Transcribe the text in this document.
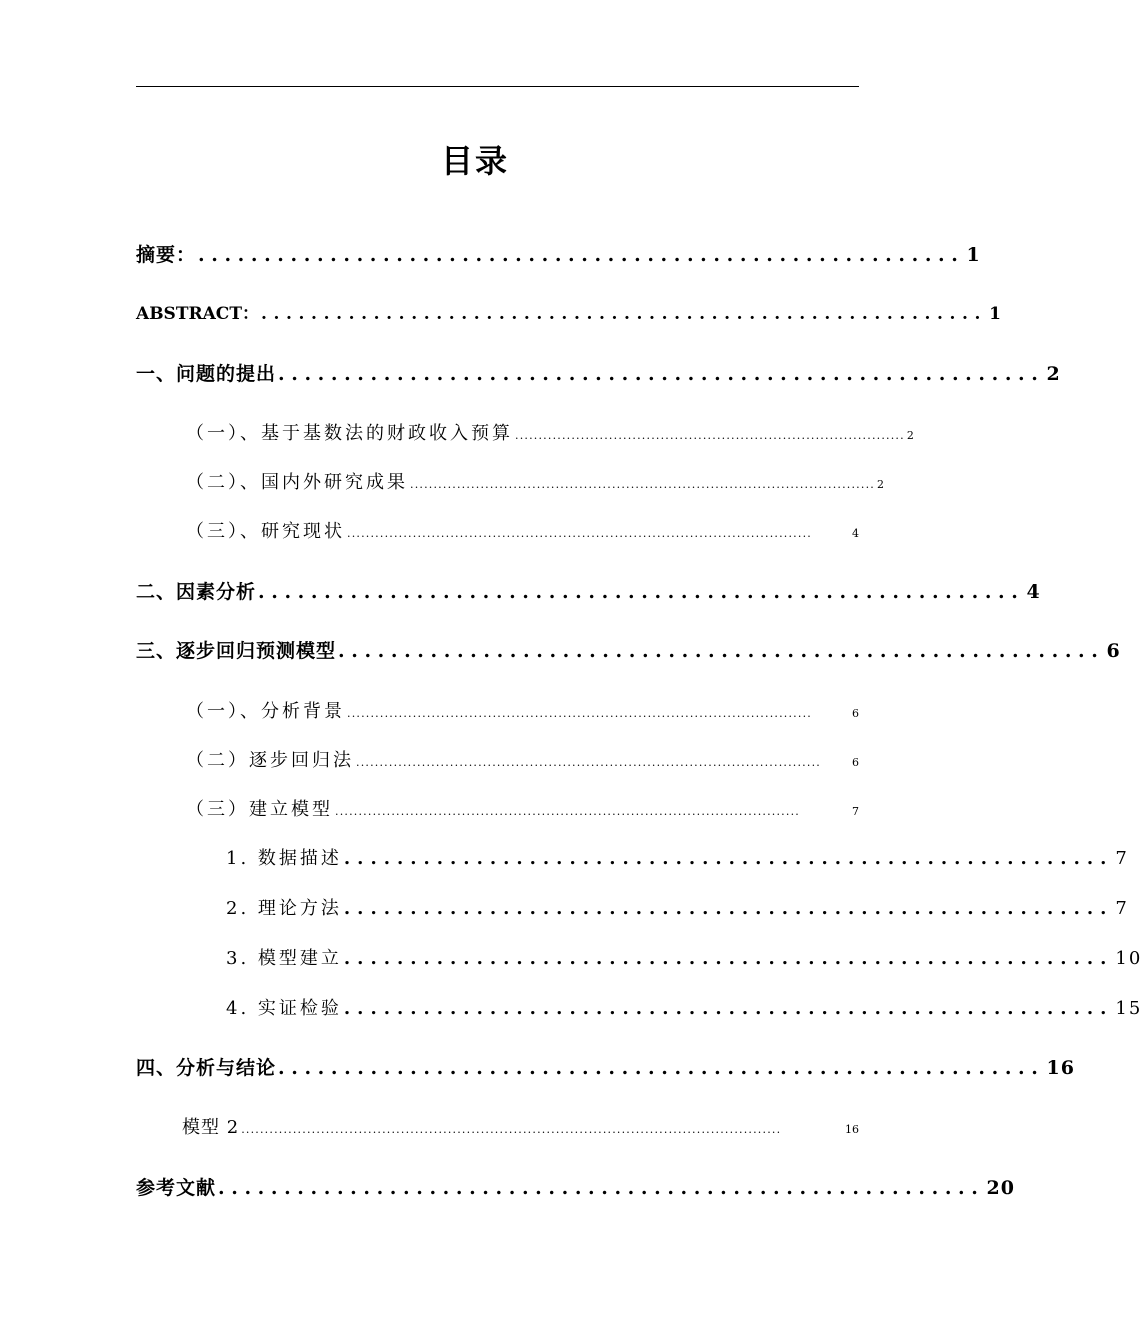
目录
摘要： .......................................................... 1
ABSTRACT： .......................................................... 1
一、问题的提出 .......................................................... 2
（一）、基于基数法的财政收入预算 ................................................................................... 2
（二）、国内外研究成果 ................................................................................................... 2
（三）、研究现状 ...................................................................................................	4
二、因素分析 .......................................................... 4
三、逐步回归预测模型 .......................................................... 6
（一）、分析背景 ...................................................................................................	6
（二）逐步回归法 ...................................................................................................	6
（三）建立模型 ...................................................................................................	7
1. 数据描述 .......................................................... 7
2. 理论方法 .......................................................... 7
3. 模型建立 .......................................................... 10
4. 实证检验 .......................................................... 15
四、分析与结论 .......................................................... 16
模型 2 ...................................................................................................................	16
参考文献 .......................................................... 20
